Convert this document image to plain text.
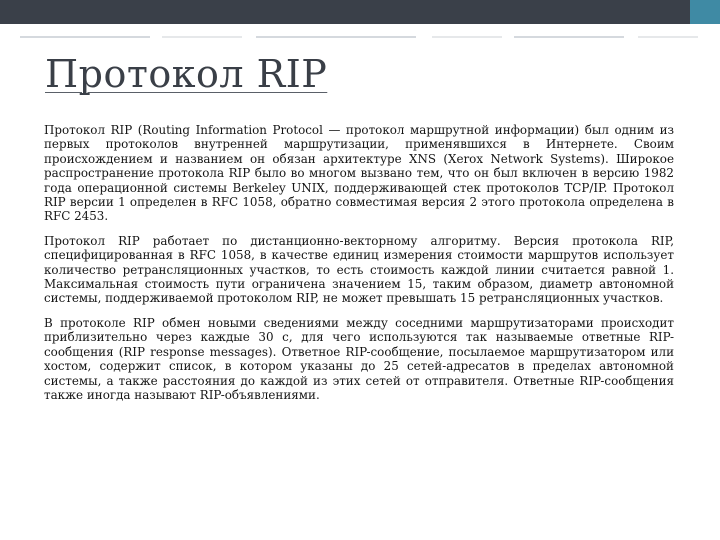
Протокол RIP

Протокол RIP (Routing Information Protocol — протокол маршрутной информации) был одним из первых протоколов внутренней маршрутизации, применявшихся в Интернете. Своим происхождением и названием он обязан архитектуре XNS (Xerox Network Systems). Широкое распространение протокола RIP было во многом вызвано тем, что он был включен в версию 1982 года операционной системы Berkeley UNIX, поддерживающей стек протоколов TCP/IP. Протокол RIP версии 1 определен в RFC 1058, обратно совместимая версия 2 этого протокола определена в RFC 2453.

Протокол RIP работает по дистанционно-векторному алгоритму. Версия протокола RIP, специфицированная в RFC 1058, в качестве единиц измерения стоимости маршрутов использует количество ретрансляционных участков, то есть стоимость каждой линии считается равной 1. Максимальная стоимость пути ограничена значением 15, таким образом, диаметр автономной системы, поддерживаемой протоколом RIP, не может превышать 15 ретрансляционных участков.

В протоколе RIP обмен новыми сведениями между соседними маршрутизаторами происходит приблизительно через каждые 30 с, для чего используются так называемые ответные RIP-сообщения (RIP response messages). Ответное RIP-сообщение, посылаемое маршрутизатором или хостом, содержит список, в котором указаны до 25 сетей-адресатов в пределах автономной системы, а также расстояния до каждой из этих сетей от отправителя. Ответные RIP-сообщения также иногда называют RIP-объявлениями.
